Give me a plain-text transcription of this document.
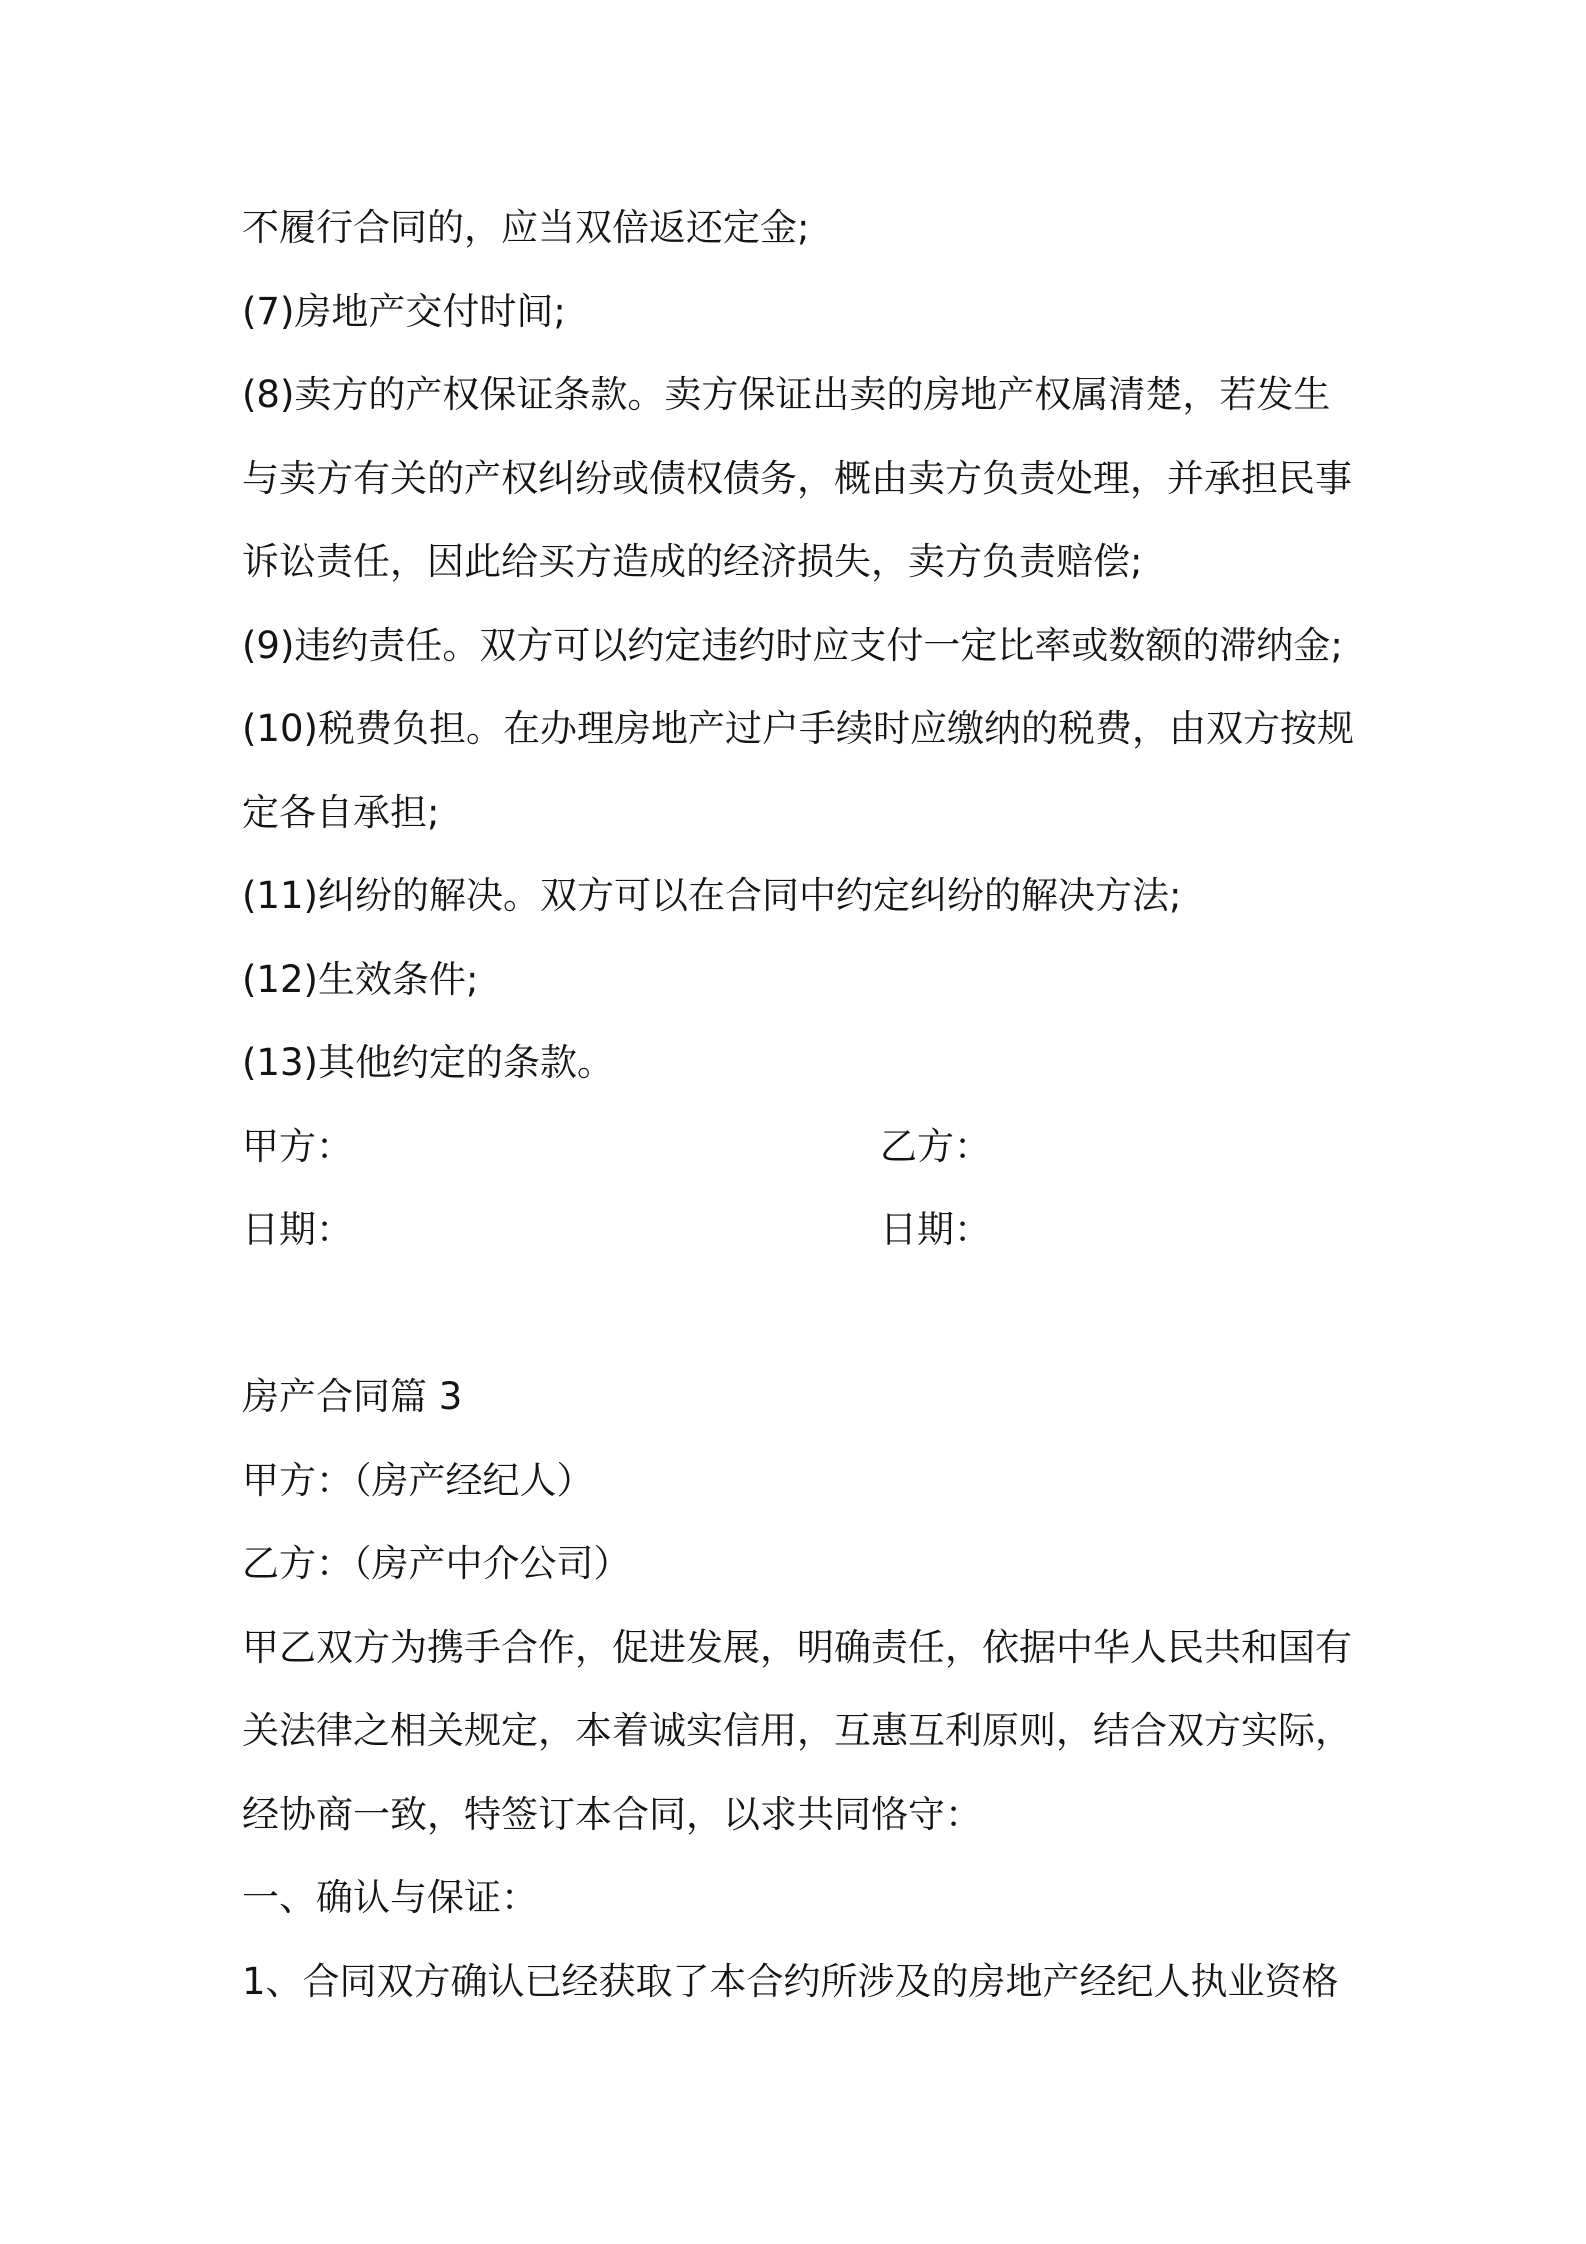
不履行合同的，应当双倍返还定金;
(7)房地产交付时间;
(8)卖方的产权保证条款。卖方保证出卖的房地产权属清楚，若发生
与卖方有关的产权纠纷或债权债务，概由卖方负责处理，并承担民事
诉讼责任，因此给买方造成的经济损失，卖方负责赔偿;
(9)违约责任。双方可以约定违约时应支付一定比率或数额的滞纳金;
(10)税费负担。在办理房地产过户手续时应缴纳的税费，由双方按规
定各自承担;
(11)纠纷的解决。双方可以在合同中约定纠纷的解决方法;
(12)生效条件;
(13)其他约定的条款。
甲方：	乙方：
日期：	日期：
房产合同篇 3
甲方：（房产经纪人）
乙方：（房产中介公司）
甲乙双方为携手合作，促进发展，明确责任，依据中华人民共和国有
关法律之相关规定，本着诚实信用，互惠互利原则，结合双方实际，
经协商一致，特签订本合同，以求共同恪守：
一、确认与保证：
1、合同双方确认已经获取了本合约所涉及的房地产经纪人执业资格
